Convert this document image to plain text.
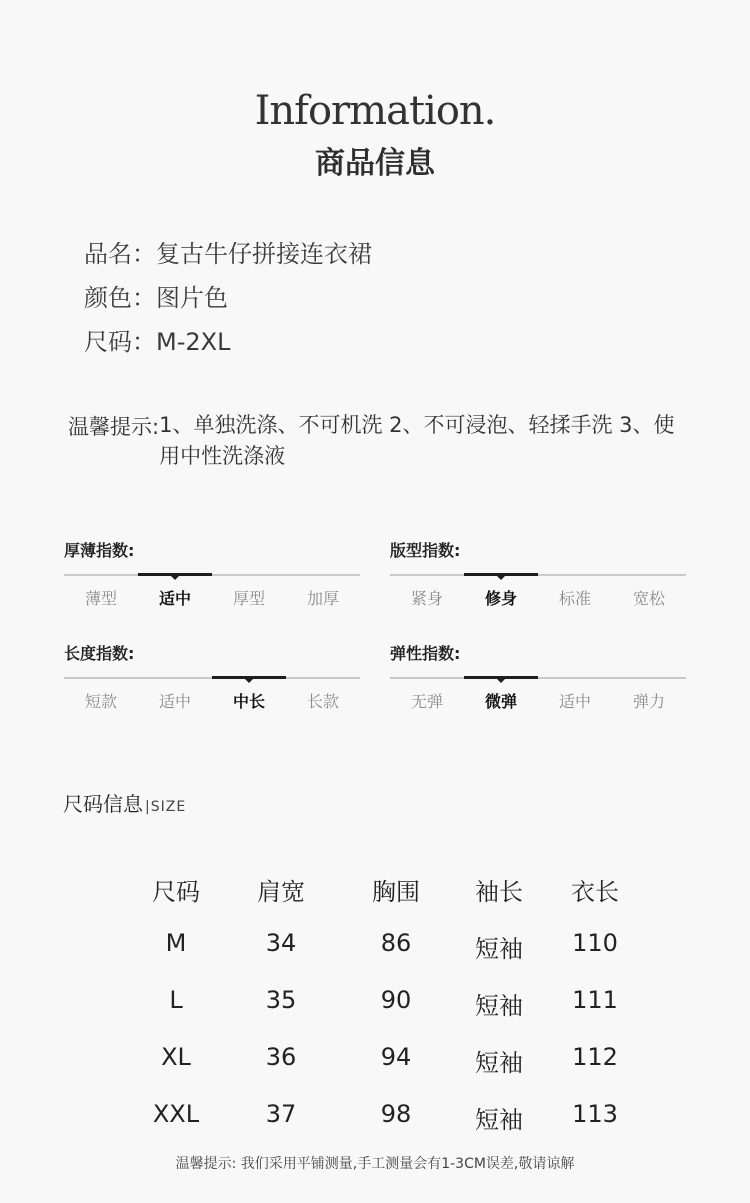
Information.
商品信息
品名：复古牛仔拼接连衣裙
颜色：图片色
尺码：M-2XL
温馨提示: 1、单独洗涤、不可机洗 2、不可浸泡、轻揉手洗 3、使用中性洗涤液
厚薄指数:
薄型	适中	厚型	加厚
版型指数:
紧身	修身	标准	宽松
长度指数:
短款	适中	中长	长款
弹性指数:
无弹	微弹	适中	弹力
尺码信息 |SIZE
尺码	肩宽	胸围	袖长	衣长
M	34	86	短袖	110
L	35	90	短袖	111
XL	36	94	短袖	112
XXL	37	98	短袖	113
温馨提示: 我们采用平铺测量,手工测量会有1-3CM误差,敬请谅解
